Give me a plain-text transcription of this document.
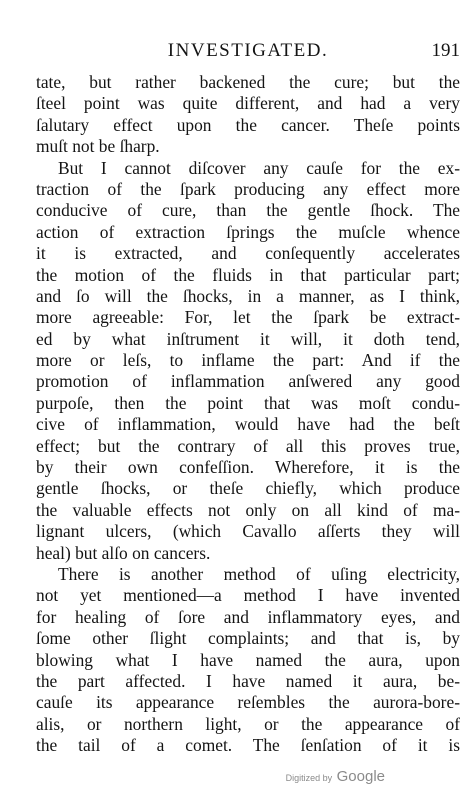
INVESTIGATED.	191
tate, but rather backened the cure; but the
ſteel point was quite different, and had a very
ſalutary effect upon the cancer. Theſe points
muſt not be ſharp.
But I cannot diſcover any cauſe for the ex-
traction of the ſpark producing any effect more
conducive of cure, than the gentle ſhock. The
action of extraction ſprings the muſcle whence
it is extracted, and conſequently accelerates
the motion of the fluids in that particular part;
and ſo will the ſhocks, in a manner, as I think,
more agreeable: For, let the ſpark be extract-
ed by what inſtrument it will, it doth tend,
more or leſs, to inflame the part: And if the
promotion of inflammation anſwered any good
purpoſe, then the point that was moſt condu-
cive of inflammation, would have had the beſt
effect; but the contrary of all this proves true,
by their own confeſſion. Wherefore, it is the
gentle ſhocks, or theſe chiefly, which produce
the valuable effects not only on all kind of ma-
lignant ulcers, (which Cavallo aſſerts they will
heal) but alſo on cancers.
There is another method of uſing electricity,
not yet mentioned—a method I have invented
for healing of ſore and inflammatory eyes, and
ſome other ſlight complaints; and that is, by
blowing what I have named the aura, upon
the part affected. I have named it aura, be-
cauſe its appearance reſembles the aurora-bore-
alis, or northern light, or the appearance of
the tail of a comet. The ſenſation of it is
Digitized by Google
